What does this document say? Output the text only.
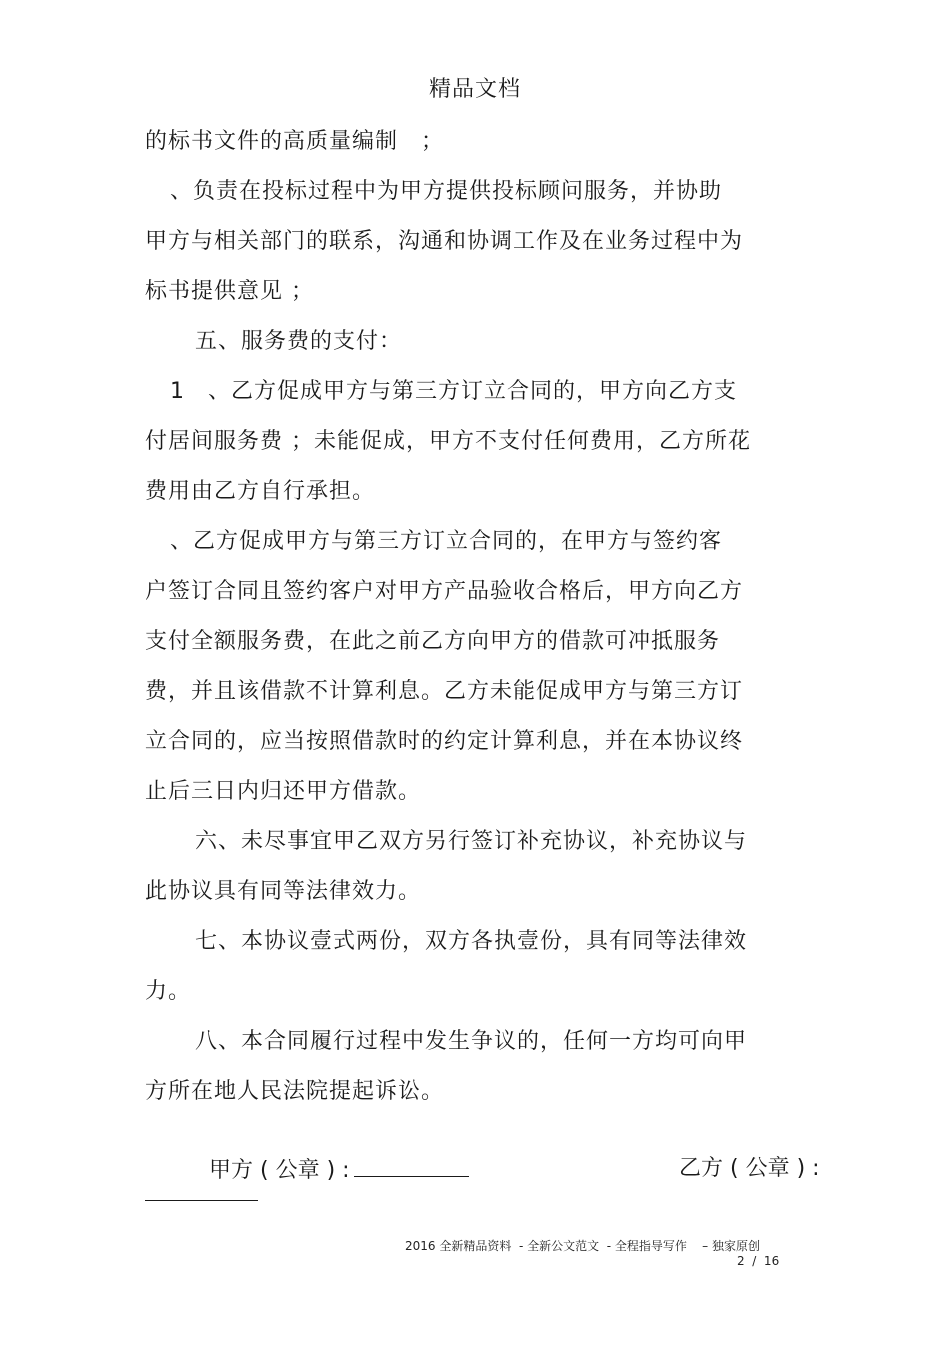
精品文档
的标书文件的高质量编制　；
、负责在投标过程中为甲方提供投标顾问服务，并协助
甲方与相关部门的联系，沟通和协调工作及在业务过程中为
标书提供意见 ；
五、服务费的支付：
1　、乙方促成甲方与第三方订立合同的，甲方向乙方支
付居间服务费 ；未能促成，甲方不支付任何费用，乙方所花
费用由乙方自行承担。
、乙方促成甲方与第三方订立合同的，在甲方与签约客
户签订合同且签约客户对甲方产品验收合格后，甲方向乙方
支付全额服务费，在此之前乙方向甲方的借款可冲抵服务
费，并且该借款不计算利息。乙方未能促成甲方与第三方订
立合同的，应当按照借款时的约定计算利息，并在本协议终
止后三日内归还甲方借款。
六、未尽事宜甲乙双方另行签订补充协议，补充协议与
此协议具有同等法律效力。
七、本协议壹式两份，双方各执壹份，具有同等法律效
力。
八、本合同履行过程中发生争议的，任何一方均可向甲
方所在地人民法院提起诉讼。

甲方 ( 公章 ) :	乙方 ( 公章 ) :

2016 全新精品资料  - 全新公文范文  - 全程指导写作    – 独家原创
2  /  16
